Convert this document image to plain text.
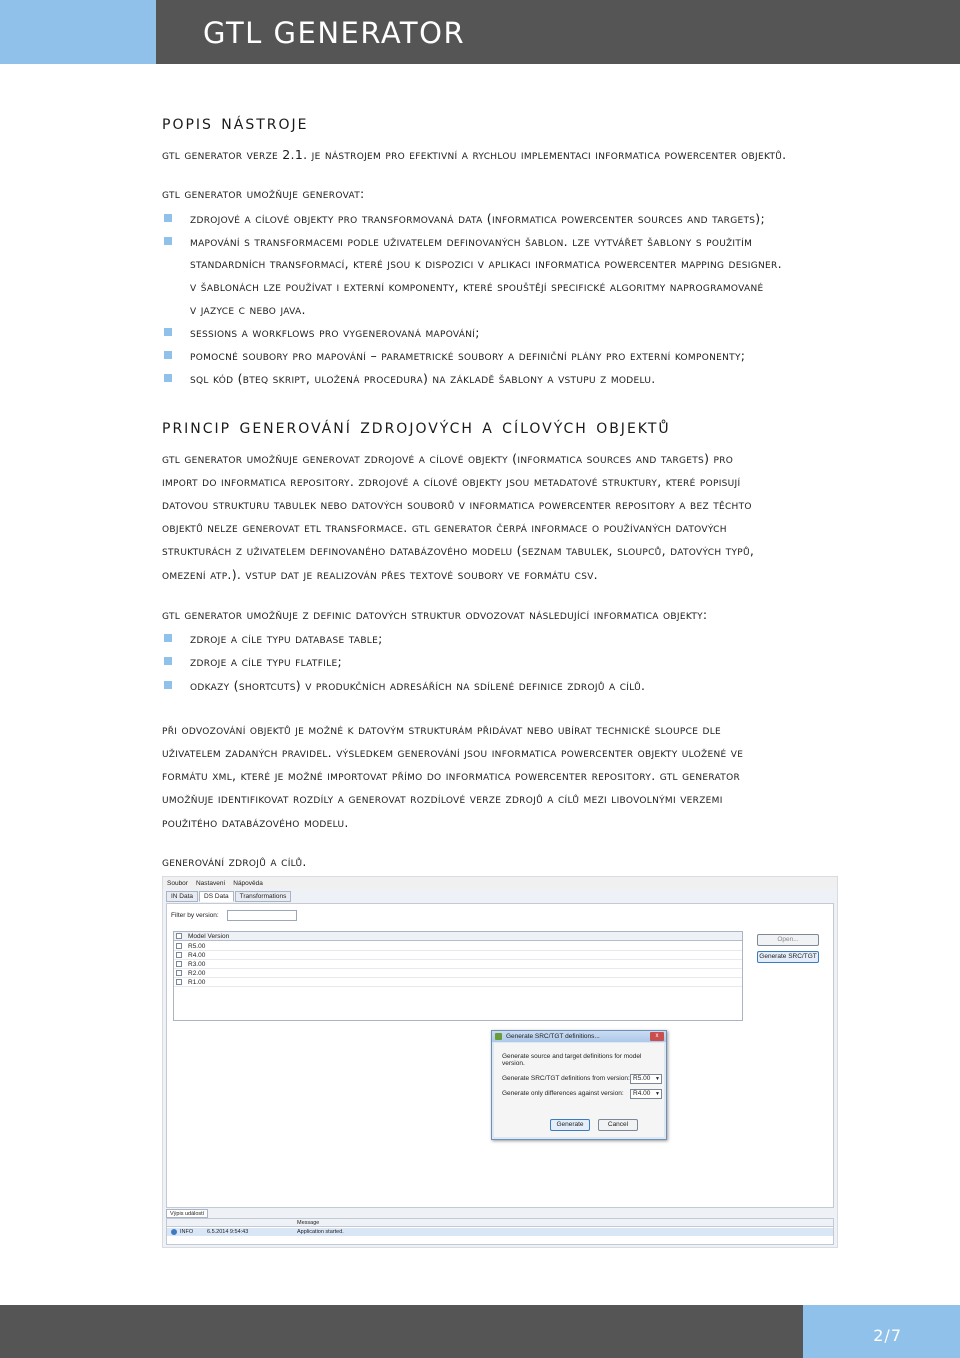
GTL GENERATOR
popis nástroje
gtl generator verze 2.1. je nástrojem pro efektivní a rychlou implementaci informatica powercenter objektů.
gtl generator umožňuje generovat:
zdrojové a cílové objekty pro transformovaná data (informatica powercenter sources and targets);
mapování s transformacemi podle uživatelem definovaných šablon. lze vytvářet šablony s použitím
standardních transformací, které jsou k dispozici v aplikaci informatica powercenter mapping designer.
v šablonách lze používat i externí komponenty, které spouštějí specifické algoritmy naprogramované
v jazyce c nebo java.
sessions a workflows pro vygenerovaná mapování;
pomocné soubory pro mapování – parametrické soubory a definiční plány pro externí komponenty;
sql kód (bteq skript, uložená procedura) na základě šablony a vstupu z modelu.
princip generování zdrojových a cílových objektů
gtl generator umožňuje generovat zdrojové a cílové objekty (informatica sources and targets) pro
import do informatica repository. zdrojové a cílové objekty jsou metadatové struktury, které popisují
datovou strukturu tabulek nebo datových souborů v informatica powercenter repository a bez těchto
objektů nelze generovat etl transformace. gtl generator čerpá informace o používaných datových
strukturách z uživatelem definovaného databázového modelu (seznam tabulek, sloupců, datových typů,
omezení atp.). vstup dat je realizován přes textové soubory ve formátu csv.
gtl generator umožňuje z definic datových struktur odvozovat následující informatica objekty:
zdroje a cíle typu database table;
zdroje a cíle typu flatfile;
odkazy (shortcuts) v produkčních adresářích na sdílené definice zdrojů a cílů.
při odvozování objektů je možné k datovým strukturám přidávat nebo ubírat technické sloupce dle
uživatelem zadaných pravidel. výsledkem generování jsou informatica powercenter objekty uložené ve
formátu xml, které je možné importovat přímo do informatica powercenter repository. gtl generator
umožňuje identifikovat rozdíly a generovat rozdílové verze zdrojů a cílů mezi libovolnými verzemi
použitého databázového modelu.
generování zdrojů a cílů.
Soubor Nastavení Nápověda
IN Data	DS Data	Transformations
Filter by version:
Model Version
R5.00
R4.00
R3.00
R2.00
R1.00
Open...
Generate SRC/TGT
Generate SRC/TGT definitions...	x
Generate source and target definitions for model version.
Generate SRC/TGT definitions from version: R5.00 ▼
Generate only differences against version:	R4.00 ▼
Generate	Cancel
Výpis událostí
Message
INFO	6.5.2014 9:54:43	Application started.
2/7
